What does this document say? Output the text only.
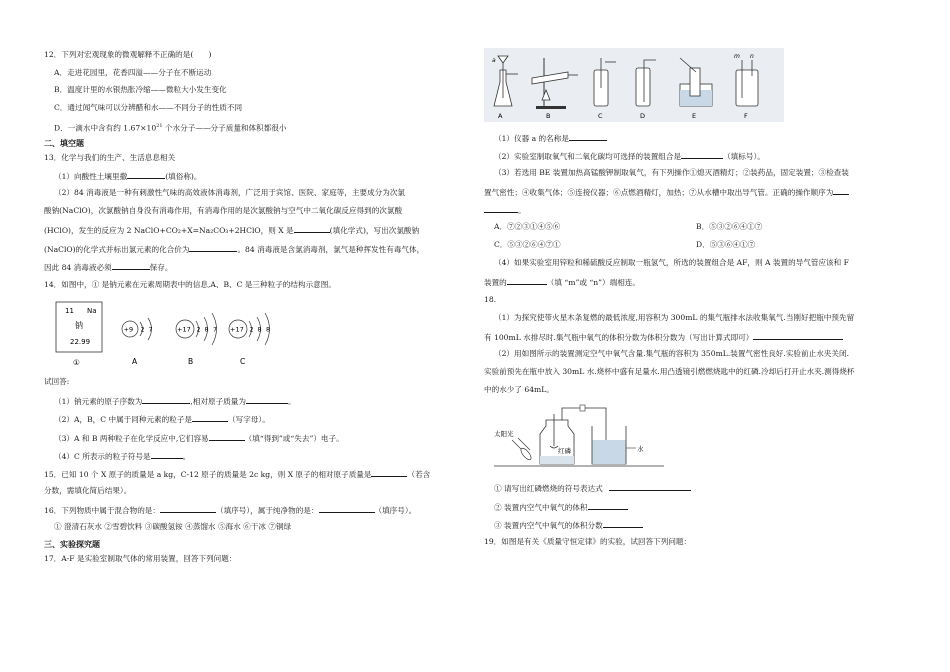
12．下列对宏观现象的微观解释不正确的是(　　)
A．走进花园里，花香四溢——分子在不断运动
B．温度计里的水银热胀冷缩——微粒大小发生变化
C．通过闻气味可以分辨醋和水——不同分子的性质不同
D．一滴水中含有约 $1.67\times 10^{21}$ 个水分子——分子质量和体积都很小
二、填空题
13．化学与我们的生产、生活息息相关
（1）向酸性土壤里撒	(填俗称)。
（2）84 消毒液是一种有刺激性气味的高效液体消毒剂，广泛用于宾馆、医院、家庭等，主要成分为次氯
酸钠(NaClO)，次氯酸钠自身没有消毒作用，有消毒作用的是次氯酸钠与空气中二氧化碳反应得到的次氯酸
(HClO)，发生的反应为 2 NaClO+CO₂+X=Na₂CO₃+2HClO，则 X 是	(填化学式)，写出次氯酸钠
(NaClO)的化学式并标出氯元素的化合价为	。84 消毒液是含氯消毒剂，氯气是种挥发性有毒气体，
因此 84 消毒液必须	保存。
14．如图中，① 是钠元素在元素周期表中的信息,A、B、C 是三种粒子的结构示意图。
11 Na
钠
22.99
①
+9 2 7
A
+17 2 8 7
B
+17 2 8 8
C
试回答:
（1）钠元素的原子序数为	,相对原子质量为	。
（2）A，B，C 中属于同种元素的粒子是	（写字母）。
（3）A 和 B 两种粒子在化学反应中,它们容易	（填“得到”或“失去”）电子。
（4）C 所表示的粒子符号是	。
15．已知 10 个 X 原子的质量是 a kg，C-12 原子的质量是 2c kg，则 X 原子的相对原子质量是	（若含
分数，需填化简后结果）。
16．下列物质中属于混合物的是：	（填序号），属于纯净物的是：	（填序号）。
① 澄清石灰水 ②雪碧饮料 ③碳酸氢铵 ④蒸馏水 ⑤海水 ⑥干冰 ⑦铜绿
三、实验探究题
17．A-F 是实验室制取气体的常用装置，回答下列问题：
a
m n
A	B	C	D	E	F
（1）仪器 a 的名称是
（2）实验室制取氧气和二氧化碳均可选择的装置组合是	（填标号）。
（3）若选用 BE 装置加热高锰酸钾制取氧气，有下列操作①熄灭酒精灯；②装药品，固定装置；③检查装
置气密性；④收集气体；⑤连接仪器；⑥点燃酒精灯，加热；⑦从水槽中取出导气管。正确的操作顺序为
。
A．⑦②③①④⑤⑥	B．⑤③②⑥④①⑦
C．⑤③②⑥④⑦①	D．⑤③⑥④①⑦
（4）如果实验室用锌粒和稀硫酸反应制取一瓶氢气，所选的装置组合是 AF，则 A 装置的导气管应该和 F
装置的	（填 “m”或 “n”）端相连。
18.
（1）为探究使带火星木条复燃的最低浓度,用容积为 300mL 的集气瓶排水法收集氧气.当刚好把瓶中预先留
有 100mL 水排尽时.集气瓶中氧气的体积分数为体积分数为（写出计算式即可）
（2）用如图所示的装置测定空气中氧气含量.集气瓶的容积为 350mL.装置气密性良好.实验前止水夹关闭.
实验前预先在瓶中放入 30mL 水.烧杯中盛有足量水.用凸透镜引燃燃烧匙中的红磷.冷却后打开止水夹.测得烧杯
中的水少了 64mL。
太阳光
红磷	水
① 请写出红磷燃烧的符号表达式
② 装置内空气中氧气的体积
③ 装置内空气中氧气的体积分数
19．如图是有关《质量守恒定律》的实验，试回答下列问题：
